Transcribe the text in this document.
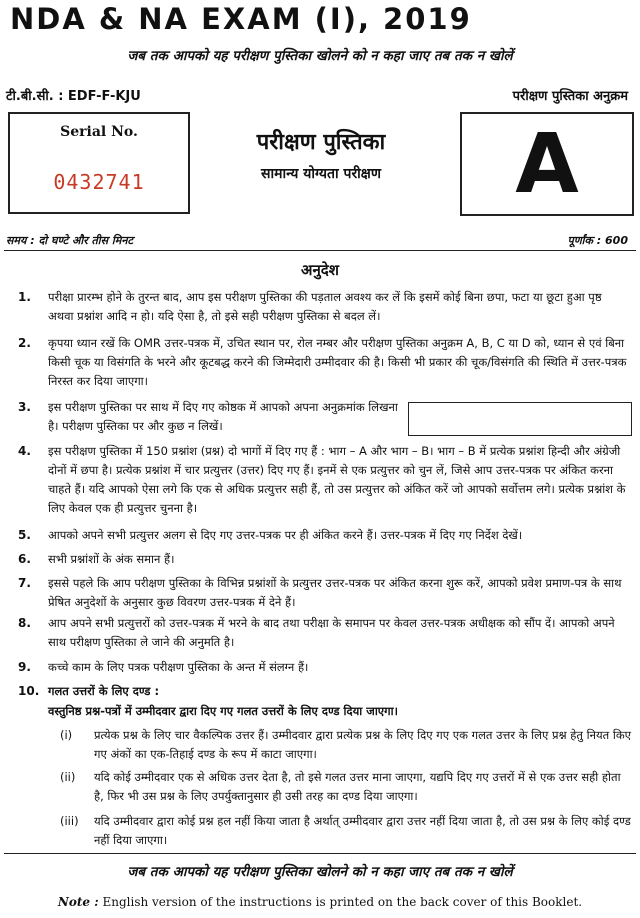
NDA & NA EXAM (I), 2019
जब तक आपको यह परीक्षण पुस्तिका खोलने को न कहा जाए तब तक न खोलें
टी.बी.सी. : EDF-F-KJU	परीक्षण पुस्तिका अनुक्रम
Serial No.
0432741
परीक्षण पुस्तिका
सामान्य योग्यता परीक्षण	A
समय : दो घण्टे और तीस मिनट	पूर्णांक : 600
अनुदेश
1. परीक्षा प्रारम्भ होने के तुरन्त बाद, आप इस परीक्षण पुस्तिका की पड़ताल अवश्य कर लें कि इसमें कोई बिना छपा, फटा या छूटा हुआ पृष्ठ अथवा प्रश्नांश आदि न हो। यदि ऐसा है, तो इसे सही परीक्षण पुस्तिका से बदल लें।
2. कृपया ध्यान रखें कि OMR उत्तर-पत्रक में, उचित स्थान पर, रोल नम्बर और परीक्षण पुस्तिका अनुक्रम A, B, C या D को, ध्यान से एवं बिना किसी चूक या विसंगति के भरने और कूटबद्ध करने की जिम्मेदारी उम्मीदवार की है। किसी भी प्रकार की चूक/विसंगति की स्थिति में उत्तर-पत्रक निरस्त कर दिया जाएगा।
3. इस परीक्षण पुस्तिका पर साथ में दिए गए कोष्ठक में आपको अपना अनुक्रमांक लिखना है। परीक्षण पुस्तिका पर और कुछ न लिखें।
4. इस परीक्षण पुस्तिका में 150 प्रश्नांश (प्रश्न) दो भागों में दिए गए हैं : भाग – A और भाग – B। भाग – B में प्रत्येक प्रश्नांश हिन्दी और अंग्रेजी दोनों में छपा है। प्रत्येक प्रश्नांश में चार प्रत्युत्तर (उत्तर) दिए गए हैं। इनमें से एक प्रत्युत्तर को चुन लें, जिसे आप उत्तर-पत्रक पर अंकित करना चाहते हैं। यदि आपको ऐसा लगे कि एक से अधिक प्रत्युत्तर सही हैं, तो उस प्रत्युत्तर को अंकित करें जो आपको सर्वोत्तम लगे। प्रत्येक प्रश्नांश के लिए केवल एक ही प्रत्युत्तर चुनना है।
5. आपको अपने सभी प्रत्युत्तर अलग से दिए गए उत्तर-पत्रक पर ही अंकित करने हैं। उत्तर-पत्रक में दिए गए निर्देश देखें।
6. सभी प्रश्नांशों के अंक समान हैं।
7. इससे पहले कि आप परीक्षण पुस्तिका के विभिन्न प्रश्नांशों के प्रत्युत्तर उत्तर-पत्रक पर अंकित करना शुरू करें, आपको प्रवेश प्रमाण-पत्र के साथ प्रेषित अनुदेशों के अनुसार कुछ विवरण उत्तर-पत्रक में देने हैं।
8. आप अपने सभी प्रत्युत्तरों को उत्तर-पत्रक में भरने के बाद तथा परीक्षा के समापन पर केवल उत्तर-पत्रक अधीक्षक को सौंप दें। आपको अपने साथ परीक्षण पुस्तिका ले जाने की अनुमति है।
9. कच्चे काम के लिए पत्रक परीक्षण पुस्तिका के अन्त में संलग्न हैं।
10. गलत उत्तरों के लिए दण्ड :
वस्तुनिष्ठ प्रश्न-पत्रों में उम्मीदवार द्वारा दिए गए गलत उत्तरों के लिए दण्ड दिया जाएगा।
(i) प्रत्येक प्रश्न के लिए चार वैकल्पिक उत्तर हैं। उम्मीदवार द्वारा प्रत्येक प्रश्न के लिए दिए गए एक गलत उत्तर के लिए प्रश्न हेतु नियत किए गए अंकों का एक-तिहाई दण्ड के रूप में काटा जाएगा।
(ii) यदि कोई उम्मीदवार एक से अधिक उत्तर देता है, तो इसे गलत उत्तर माना जाएगा, यद्यपि दिए गए उत्तरों में से एक उत्तर सही होता है, फिर भी उस प्रश्न के लिए उपर्युक्तानुसार ही उसी तरह का दण्ड दिया जाएगा।
(iii) यदि उम्मीदवार द्वारा कोई प्रश्न हल नहीं किया जाता है अर्थात् उम्मीदवार द्वारा उत्तर नहीं दिया जाता है, तो उस प्रश्न के लिए कोई दण्ड नहीं दिया जाएगा।
जब तक आपको यह परीक्षण पुस्तिका खोलने को न कहा जाए तब तक न खोलें
Note : English version of the instructions is printed on the back cover of this Booklet.
